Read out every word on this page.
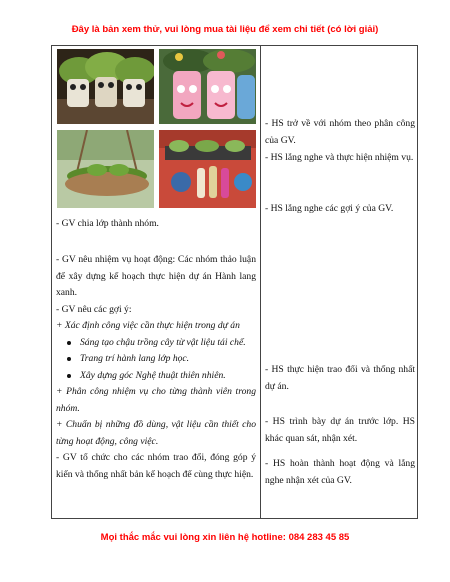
Đây là bản xem thử, vui lòng mua tài liệu để xem chi tiết (có lời giải)

- GV chia lớp thành nhóm.

- GV nêu nhiệm vụ hoạt động: Các nhóm thảo luận để xây dựng kế hoạch thực hiện dự án Hành lang xanh.

- GV nêu các gợi ý:

+ Xác định công việc cần thực hiện trong dự án

Sáng tạo chậu trồng cây từ vật liệu tái chế.

Trang trí hành lang lớp học.

Xây dựng góc Nghệ thuật thiên nhiên.

+ Phân công nhiệm vụ cho từng thành viên trong nhóm.

+ Chuẩn bị những đồ dùng, vật liệu cần thiết cho từng hoạt động, công việc.

- GV tổ chức cho các nhóm trao đổi, đóng góp ý kiến và thống nhất bản kế hoạch để cùng thực hiện.

- HS trở về với nhóm theo phân công của GV.

- HS lắng nghe và thực hiện nhiệm vụ.

- HS lắng nghe các gợi ý của GV.

- HS thực hiện trao đổi và thống nhất dự án.

- HS trình bày dự án trước lớp. HS khác quan sát, nhận xét.

- HS hoàn thành hoạt động và lắng nghe nhận xét của GV.

Mọi thắc mắc vui lòng xin liên hệ hotline: 084 283 45 85
